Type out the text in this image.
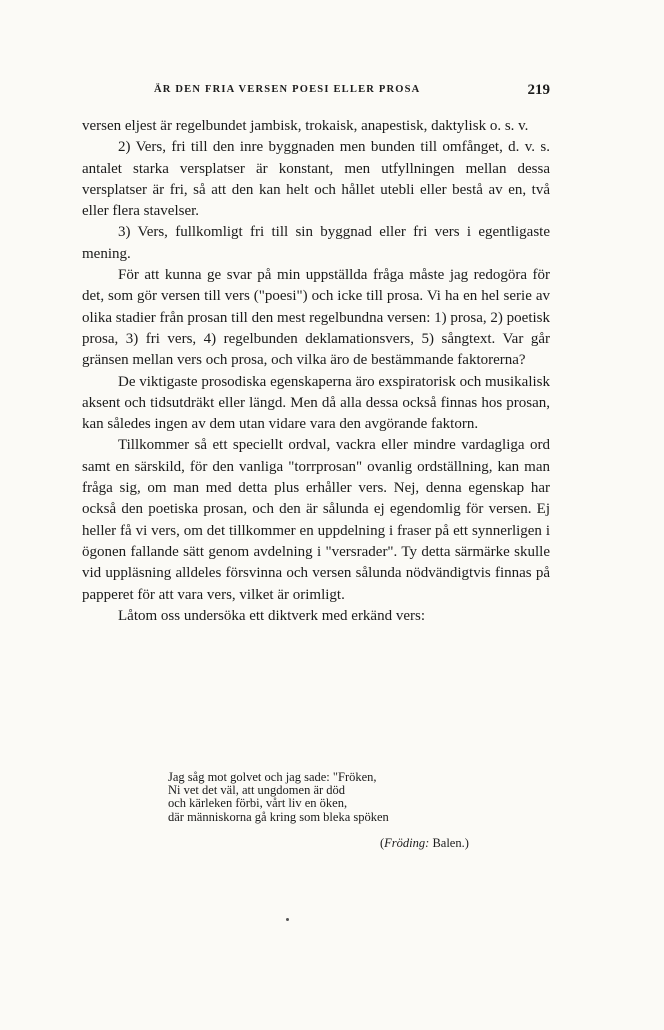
ÄR DEN FRIA VERSEN POESI ELLER PROSA	219

versen eljest är regelbundet jambisk, trokaisk, anapestisk, daktylisk o. s. v.

2) Vers, fri till den inre byggnaden men bunden till omfånget, d. v. s. antalet starka versplatser är konstant, men utfyllningen mellan dessa versplatser är fri, så att den kan helt och hållet utebli eller bestå av en, två eller flera stavelser.

3) Vers, fullkomligt fri till sin byggnad eller fri vers i egentligaste mening.

För att kunna ge svar på min uppställda fråga måste jag redogöra för det, som gör versen till vers ("poesi") och icke till prosa. Vi ha en hel serie av olika stadier från prosan till den mest regelbundna versen: 1) prosa, 2) poetisk prosa, 3) fri vers, 4) regelbunden deklamationsvers, 5) sångtext. Var går gränsen mellan vers och prosa, och vilka äro de bestämmande faktorerna?

De viktigaste prosodiska egenskaperna äro exspiratorisk och musikalisk aksent och tidsutdräkt eller längd. Men då alla dessa också finnas hos prosan, kan således ingen av dem utan vidare vara den avgörande faktorn.

Tillkommer så ett speciellt ordval, vackra eller mindre vardagliga ord samt en särskild, för den vanliga "torrprosan" ovanlig ordställning, kan man fråga sig, om man med detta plus erhåller vers. Nej, denna egenskap har också den poetiska prosan, och den är sålunda ej egendomlig för versen. Ej heller få vi vers, om det tillkommer en uppdelning i fraser på ett synnerligen i ögonen fallande sätt genom avdelning i "versrader". Ty detta särmärke skulle vid uppläsning alldeles försvinna och versen sålunda nödvändigtvis finnas på papperet för att vara vers, vilket är orimligt.

Låtom oss undersöka ett diktverk med erkänd vers:

Jag såg mot golvet och jag sade: "Fröken,
Ni vet det väl, att ungdomen är död
och kärleken förbi, vårt liv en öken,
där människorna gå kring som bleka spöken
(Fröding: Balen.)
